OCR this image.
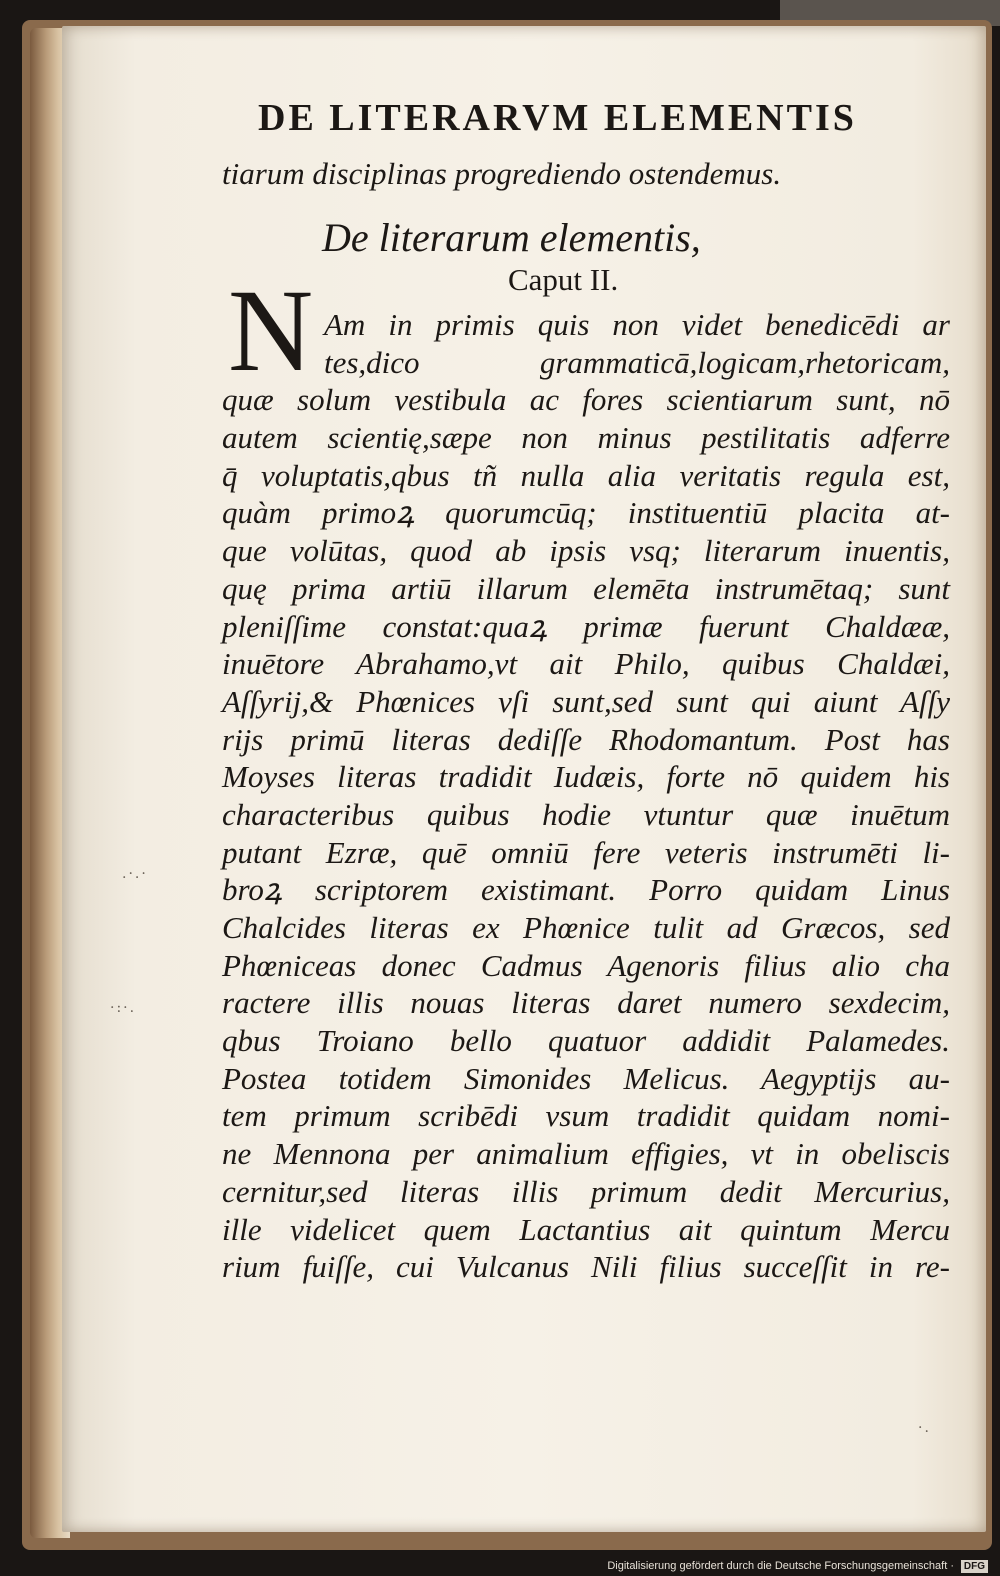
DE LITERARVM ELEMENTIS
tiarum disciplinas progrediendo ostendemus.
De literarum elementis,
Caput II.
N Am in primis quis non videt benedicēdi ar
tes,dico grammaticā,logicam,rhetoricam,
quæ solum vestibula ac fores scientiarum sunt, nō
autem scientię,sæpe non minus pestilitatis adferre
q̄ voluptatis,qbus tñ nulla alia veritatis regula est,
quàm primoꝝ quorumcūq; instituentiū placita at-
que volūtas, quod ab ipsis vsq; literarum inuentis,
quę prima artiū illarum elemēta instrumētaq; sunt
pleniſſime constat:quaꝝ primæ fuerunt Chaldææ,
inuētore Abrahamo,vt ait Philo, quibus Chaldæi,
Aſſyrij,& Phœnices vſi sunt,sed sunt qui aiunt Aſſy
rijs primū literas dediſſe Rhodomantum. Post has
Moyses literas tradidit Iudæis, forte nō quidem his
characteribus quibus hodie vtuntur quæ inuētum
putant Ezræ, quē omniū fere veteris instrumēti li-
broꝝ scriptorem existimant. Porro quidam Linus
Chalcides literas ex Phœnice tulit ad Græcos, sed
Phœniceas donec Cadmus Agenoris filius alio cha
ractere illis nouas literas daret numero sexdecim,
qbus Troiano bello quatuor addidit Palamedes.
Postea totidem Simonides Melicus. Aegyptijs au-
tem primum scribēdi vsum tradidit quidam nomi-
ne Mennona per animalium effigies, vt in obeliscis
cernitur,sed literas illis primum dedit Mercurius,
ille videlicet quem Lactantius ait quintum Mercu
rium fuiſſe, cui Vulcanus Nili filius succeſſit in re-
.·.·
·:·.
·.
Digitalisierung gefördert durch die Deutsche Forschungsgemeinschaft · DFG
